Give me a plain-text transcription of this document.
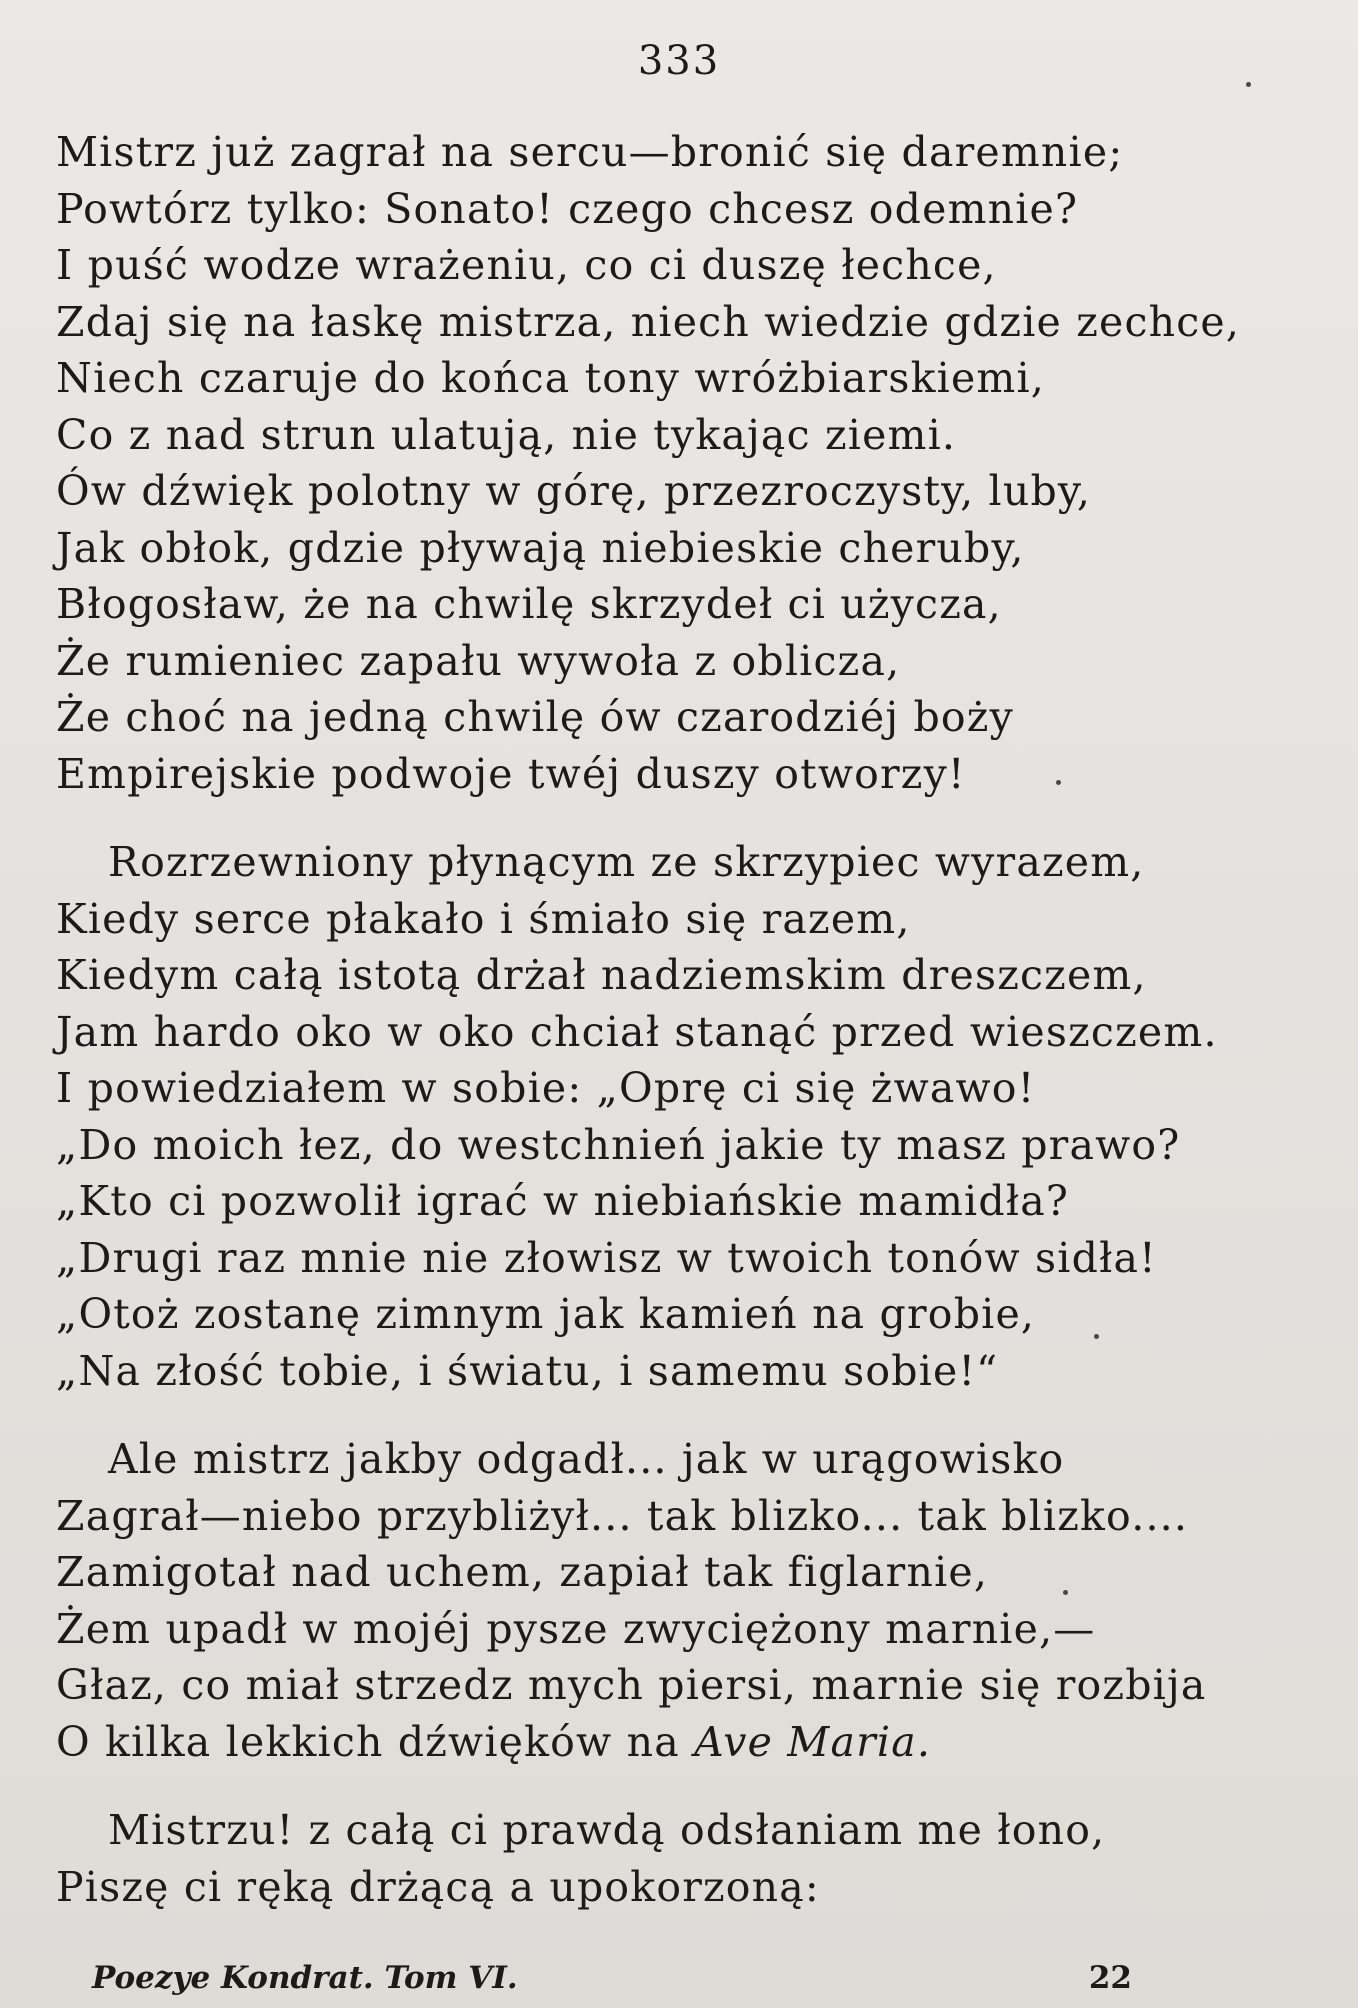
333
Mistrz już zagrał na sercu—bronić się daremnie;
Powtórz tylko: Sonato! czego chcesz odemnie?
I puść wodze wrażeniu, co ci duszę łechce,
Zdaj się na łaskę mistrza, niech wiedzie gdzie zechce,
Niech czaruje do końca tony wróżbiarskiemi,
Co z nad strun ulatują, nie tykając ziemi.
Ów dźwięk polotny w górę, przezroczysty, luby,
Jak obłok, gdzie pływają niebieskie cheruby,
Błogosław, że na chwilę skrzydeł ci użycza,
Że rumieniec zapału wywoła z oblicza,
Że choć na jedną chwilę ów czarodziéj boży
Empirejskie podwoje twéj duszy otworzy!
Rozrzewniony płynącym ze skrzypiec wyrazem,
Kiedy serce płakało i śmiało się razem,
Kiedym całą istotą drżał nadziemskim dreszczem,
Jam hardo oko w oko chciał stanąć przed wieszczem.
I powiedziałem w sobie: „Oprę ci się żwawo!
„Do moich łez, do westchnień jakie ty masz prawo?
„Kto ci pozwolił igrać w niebiańskie mamidła?
„Drugi raz mnie nie złowisz w twoich tonów sidła!
„Otoż zostanę zimnym jak kamień na grobie,
„Na złość tobie, i światu, i samemu sobie!“
Ale mistrz jakby odgadł... jak w urągowisko
Zagrał—niebo przybliżył... tak blizko... tak blizko....
Zamigotał nad uchem, zapiał tak figlarnie,
Żem upadł w mojéj pysze zwyciężony marnie,—
Głaz, co miał strzedz mych piersi, marnie się rozbija
O kilka lekkich dźwięków na Ave Maria.
Mistrzu! z całą ci prawdą odsłaniam me łono,
Piszę ci ręką drżącą a upokorzoną:
Poezye Kondrat. Tom VI.	22
